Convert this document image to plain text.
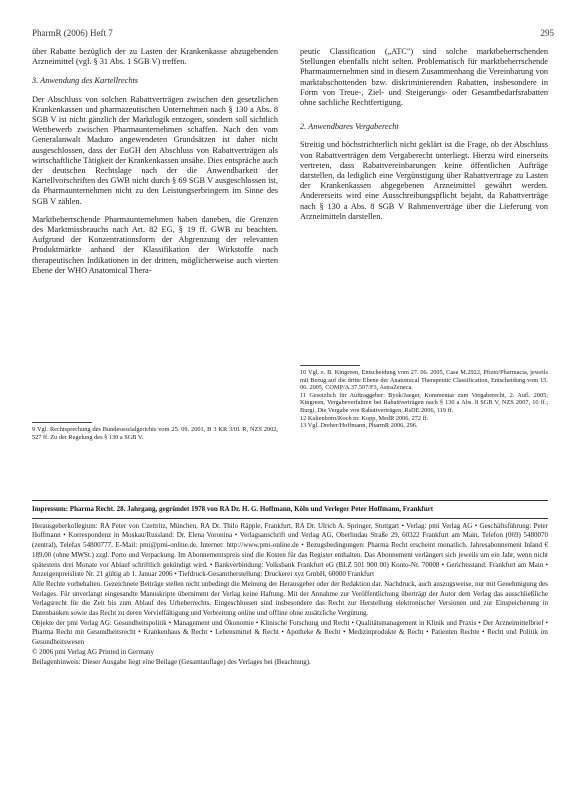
PharmR (2006) Heft 7	295

über Rabatte bezüglich der zu Lasten der Krankenkasse abzugebenden Arzneimittel (vgl. § 31 Abs. 1 SGB V) treffen.

3. Anwendung des Kartellrechts

Der Abschluss von solchen Rabattverträgen zwischen den gesetzlichen Krankenkassen und pharmazeutischen Unternehmen nach § 130 a Abs. 8 SGB V ist nicht gänzlich der Marktlogik entzogen, sondern soll sichtlich Wettbewerb zwischen Pharmaunternehmen schaffen. Nach den vom Generalanwalt Maduro angewendeten Grundsätzen ist daher nicht ausgeschlossen, dass der EuGH den Abschluss von Rabattverträgen als wirtschaftliche Tätigkeit der Krankenkassen ansähe. Dies entspräche auch der deutschen Rechtslage nach der die Anwendbarkeit der Kartellvorschriften des GWB nicht durch § 69 SGB V ausgeschlossen ist, da Pharmaunternehmen nicht zu den Leistungserbringern im Sinne des SGB V zählen.

Marktbeherrschende Pharmaunternehmen haben daneben, die Grenzen des Marktmissbrauchs nach Art. 82 EG, § 19 ff. GWB zu beachten. Aufgrund der Konzentrationsform der Abgrenzung der relevanten Produktmärkte anhand der Klassifikation der Wirkstoffe nach therapeutischen Indikationen in der dritten, möglicherweise auch vierten Ebene der WHO Anatomical Thera-

peutic Classification („ATC") sind solche marktbeherrschenden Stellungen ebenfalls nicht selten. Problematisch für marktbeherrschende Pharmaunternehmen sind in diesem Zusammenhang die Vereinbarung von marktabschottenden bzw. diskriminierenden Rabatten, insbesondere in Form von Treue-, Ziel- und Steigerungs- oder Gesamtbedarfsrabatten ohne sachliche Rechtfertigung.

2. Anwendbares Vergaberecht

Streitig und höchstrichterlich nicht geklärt ist die Frage, ob der Abschluss von Rabattverträgen dem Vergaberecht unterliegt. Hierzu wird einerseits vertreten, dass Rabattvereinbarungen keine öffentlichen Aufträge darstellen, da lediglich eine Vergünstigung über Rabattvertrage zu Lasten der Krankenkassen abgegebenen Arzneimittel gewährt werden. Andererseits wird eine Ausschreibungspflicht bejaht, da Rabattverträge nach § 130 a Abs. 8 SGB V Rahmenverträge über die Lieferung von Arzneimitteln darstellen.

9 Vgl. Rechtsprechung des Bundessozialgerichts vom 25. 09. 2001, B 3 KR 3/01 R, NZS 2002, 527 ff. Zu der Regelung des § 130 a SGB V.

10 Vgl. z. B. Kingreen, Entscheidung vom 27. 06. 2005, Case M.2922, Pfizer/Pharmacia, jeweils mit Bezug auf die dritte Ebene der Anatomical Therapeutic Classification, Entscheidung vom 15. 06. 2005, COMP/A.37.507/F3, AstraZeneca.

11 Gesetzlich für Auftraggeber: Byok/Jaeger, Kommentar zum Vergaberecht, 2. Aufl. 2005; Kingreen, Vergabeverfahren bei Rabattverträgen nach § 130 a Abs. 8 SGB V, NZS 2007, 10 ff.; Burgi, Die Vergabe von Rabattverträgen, RsDE 2006, 119 ff.

12 Kaltenborn/Koch in: Kopp, MedR 2006, 272 ff.

13 Vgl. Dreher/Hoffmann, PharmR 2006, 296.

Impressum: Pharma Recht. 28. Jahrgang, gegründet 1978 von RA Dr. H. G. Hoffmann, Köln und Verleger Peter Hoffmann, Frankfurt

Herausgeberkollegium: RA Peter von Czettritz, München, RA Dr. Thilo Räpple, Frankfurt, RA Dr. Ulrich A. Springer, Stuttgart • Verlag: pmi Verlag AG • Geschäftsführung: Peter Hoffmann • Korrespondenz in Moskau/Russland: Dr. Elena Voronina • Verlagsanschrift und Verlag AG, Oberlindau Straße 29, 60322 Frankfurt am Main, Telefon (069) 5480070 (zentral), Telefax 54800777, E-Mail: pmi@pmi-online.de, Internet: http://www.pmi-online.de • Bezugsbedingungen: Pharma Recht erscheint monatlich. Jahresabonnement Inland € 189,00 (ohne MWSt.) zzgl. Porto und Verpackung. Im Abonnementspreis sind die Kosten für das Register enthalten. Das Abonnement verlängert sich jeweils um ein Jahr, wenn nicht spätestens drei Monate vor Ablauf schriftlich gekündigt wird. • Bankverbindung: Volksbank Frankfurt eG (BLZ 501 900 00) Konto-Nr. 70008 • Gerichtsstand: Frankfurt am Main • Anzeigenpreisliste Nr. 21 gültig ab 1. Januar 2006 • Tiefdruck-Gesamtherstellung: Druckerei xyz GmbH, 60000 Frankfurt

Alle Rechte vorbehalten. Gezeichnete Beiträge stellen nicht unbedingt die Meinung der Herausgeber oder der Redaktion dar. Nachdruck, auch auszugsweise, nur mit Genehmigung des Verlages. Für unverlangt eingesandte Manuskripte übernimmt der Verlag keine Haftung. Mit der Annahme zur Veröffentlichung überträgt der Autor dem Verlag das ausschließliche Verlagsrecht für die Zeit bis zum Ablauf des Urheberrechts. Eingeschlossen sind insbesondere das Recht zur Herstellung elektronischer Versionen und zur Einspeicherung in Datenbanken sowie das Recht zu deren Vervielfältigung und Verbreitung online und offline ohne zusätzliche Vergütung.

Objekte der pmi Verlag AG: Gesundheitspolitik • Management und Ökonomie • Klinische Forschung und Recht • Qualitätsmanagement in Klinik und Praxis • Der Arzneimittelbrief • Pharma Recht mit Gesundheitsrecht • Krankenhaus & Recht • Lebensmittel & Recht • Apotheke & Recht • Medizinprodukte & Recht • Patienten Rechte • Recht und Politik im Gesundheitswesen

© 2006 pmi Verlag AG Printed in Germany

Beilagenhinweis: Dieser Ausgabe liegt eine Beilage (Gesamtauflage) des Verlages bei (Beachtung).
